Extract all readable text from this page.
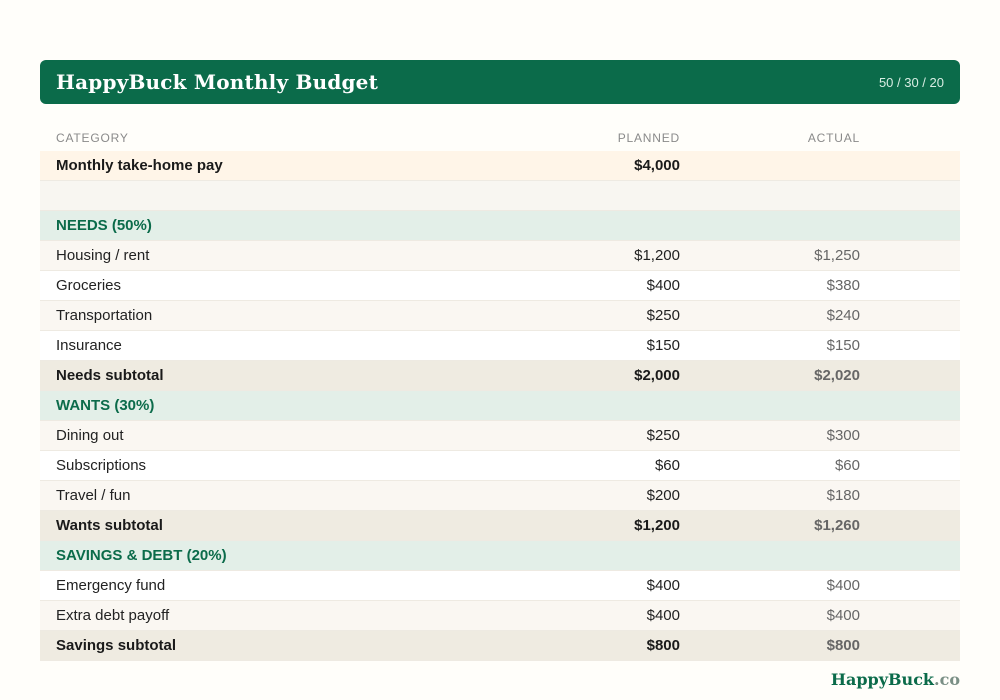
HappyBuck Monthly Budget	50 / 30 / 20
CATEGORY	PLANNED	ACTUAL
Monthly take-home pay	$4,000
NEEDS (50%)
Housing / rent	$1,200	$1,250
Groceries	$400	$380
Transportation	$250	$240
Insurance	$150	$150
Needs subtotal	$2,000	$2,020
WANTS (30%)
Dining out	$250	$300
Subscriptions	$60	$60
Travel / fun	$200	$180
Wants subtotal	$1,200	$1,260
SAVINGS & DEBT (20%)
Emergency fund	$400	$400
Extra debt payoff	$400	$400
Savings subtotal	$800	$800
HappyBuck.co
